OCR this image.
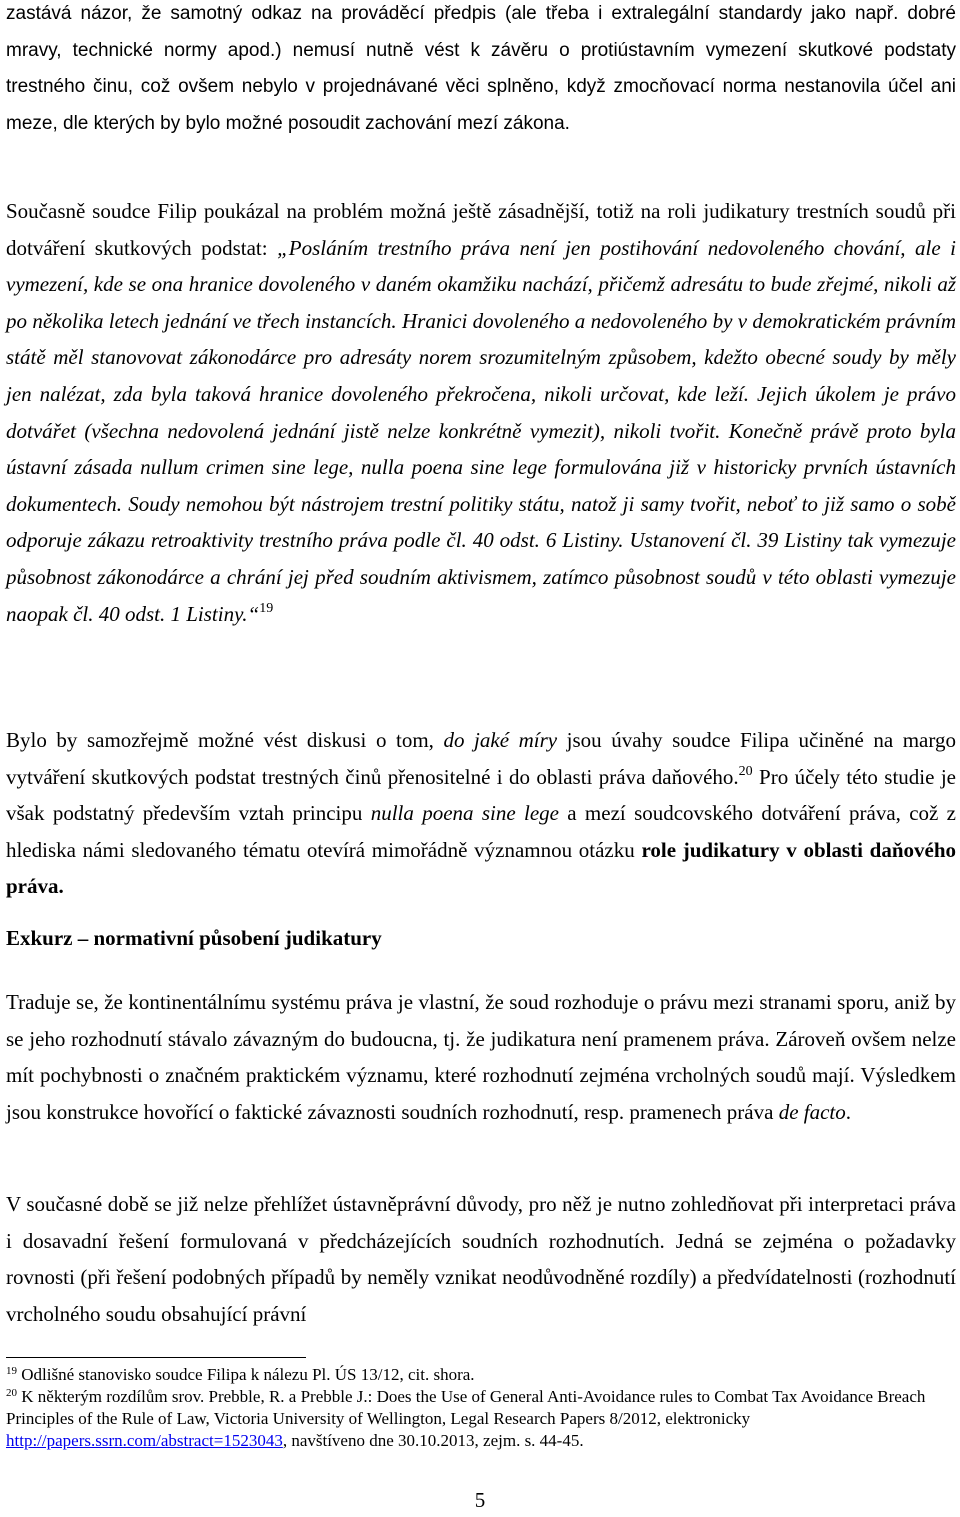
zastává názor, že samotný odkaz na prováděcí předpis (ale třeba i extralegální standardy jako např. dobré mravy, technické normy apod.) nemusí nutně vést k závěru o protiústavním vymezení skutkové podstaty trestného činu, což ovšem nebylo v projednávané věci splněno, když zmocňovací norma nestanovila účel ani meze, dle kterých by bylo možné posoudit zachování mezí zákona.

Současně soudce Filip poukázal na problém možná ještě zásadnější, totiž na roli judikatury trestních soudů při dotváření skutkových podstat: „Posláním trestního práva není jen postihování nedovoleného chování, ale i vymezení, kde se ona hranice dovoleného v daném okamžiku nachází, přičemž adresátu to bude zřejmé, nikoli až po několika letech jednání ve třech instancích. Hranici dovoleného a nedovoleného by v demokratickém právním státě měl stanovovat zákonodárce pro adresáty norem srozumitelným způsobem, kdežto obecné soudy by měly jen nalézat, zda byla taková hranice dovoleného překročena, nikoli určovat, kde leží. Jejich úkolem je právo dotvářet (všechna nedovolená jednání jistě nelze konkrétně vymezit), nikoli tvořit. Konečně právě proto byla ústavní zásada nullum crimen sine lege, nulla poena sine lege formulována již v historicky prvních ústavních dokumentech. Soudy nemohou být nástrojem trestní politiky státu, natož ji samy tvořit, neboť to již samo o sobě odporuje zákazu retroaktivity trestního práva podle čl. 40 odst. 6 Listiny. Ustanovení čl. 39 Listiny tak vymezuje působnost zákonodárce a chrání jej před soudním aktivismem, zatímco působnost soudů v této oblasti vymezuje naopak čl. 40 odst. 1 Listiny.“$^{19}$

Bylo by samozřejmě možné vést diskusi o tom, do jaké míry jsou úvahy soudce Filipa učiněné na margo vytváření skutkových podstat trestných činů přenositelné i do oblasti práva daňového.$^{20}$ Pro účely této studie je však podstatný především vztah principu nulla poena sine lege a mezí soudcovského dotváření práva, což z hlediska námi sledovaného tématu otevírá mimořádně významnou otázku role judikatury v oblasti daňového práva.

Exkurz – normativní působení judikatury

Traduje se, že kontinentálnímu systému práva je vlastní, že soud rozhoduje o právu mezi stranami sporu, aniž by se jeho rozhodnutí stávalo závazným do budoucna, tj. že judikatura není pramenem práva. Zároveň ovšem nelze mít pochybnosti o značném praktickém významu, které rozhodnutí zejména vrcholných soudů mají. Výsledkem jsou konstrukce hovořící o faktické závaznosti soudních rozhodnutí, resp. pramenech práva de facto.

V současné době se již nelze přehlížet ústavněprávní důvody, pro něž je nutno zohledňovat při interpretaci práva i dosavadní řešení formulovaná v předcházejících soudních rozhodnutích. Jedná se zejména o požadavky rovnosti (při řešení podobných případů by neměly vznikat neodůvodněné rozdíly) a předvídatelnosti (rozhodnutí vrcholného soudu obsahující právní

$^{19}$ Odlišné stanovisko soudce Filipa k nálezu Pl. ÚS 13/12, cit. shora.

$^{20}$ K některým rozdílům srov. Prebble, R. a Prebble J.: Does the Use of General Anti-Avoidance rules to Combat Tax Avoidance Breach Principles of the Rule of Law, Victoria University of Wellington, Legal Research Papers 8/2012, elektronicky http://papers.ssrn.com/abstract=1523043, navštíveno dne 30.10.2013, zejm. s. 44-45.

5
